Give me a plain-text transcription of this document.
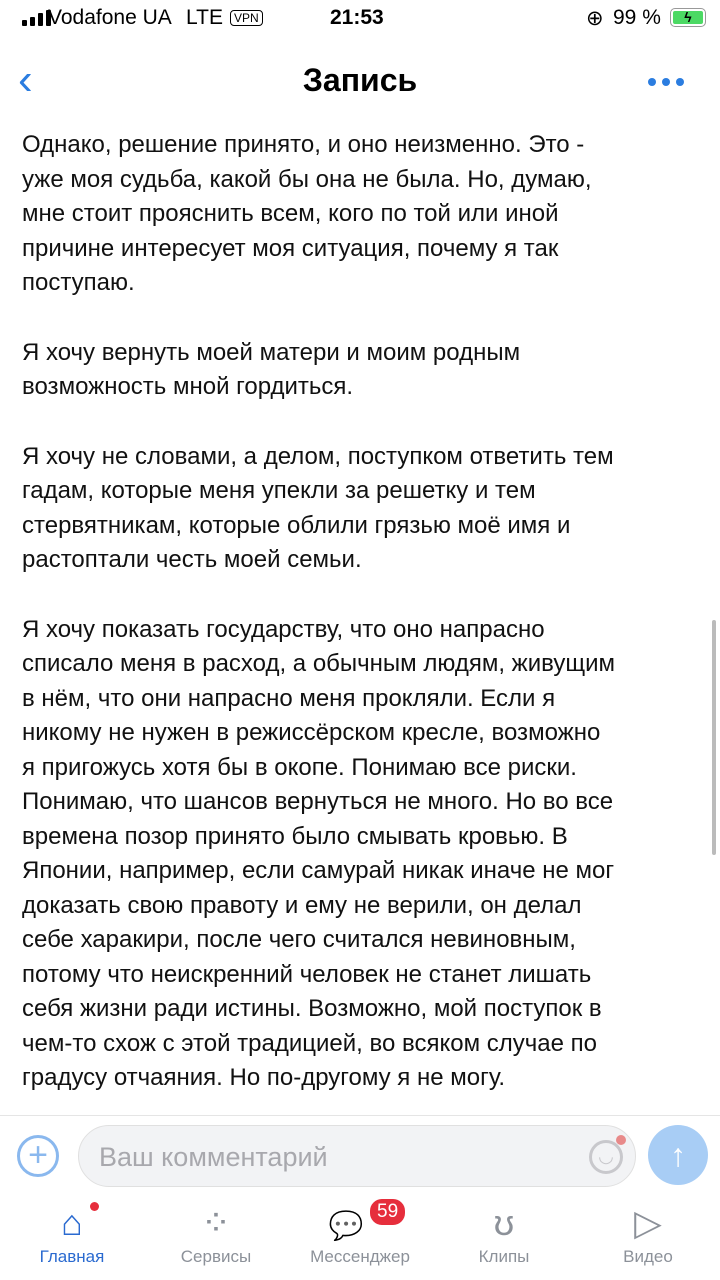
Vodafone UA LTE VPN	21:53	⊕ 99 %	ϟ
‹	Запись
Однако, решение принято, и оно неизменно. Это -
уже моя судьба, какой бы она не была. Но, думаю,
мне стоит прояснить всем, кого по той или иной
причине интересует моя ситуация, почему я так
поступаю.
Я хочу вернуть моей матери и моим родным
возможность мной гордиться.
Я хочу не словами, а делом, поступком ответить тем
гадам, которые меня упекли за решетку и тем
стервятникам, которые облили грязью моё имя и
растоптали честь моей семьи.
Я хочу показать государству, что оно напрасно
списало меня в расход, а обычным людям, живущим
в нём, что они напрасно меня прокляли. Если я
никому не нужен в режиссёрском кресле, возможно
я пригожусь хотя бы в окопе. Понимаю все риски.
Понимаю, что шансов вернуться не много. Но во все
времена позор принято было смывать кровью. В
Японии, например, если самурай никак иначе не мог
доказать свою правоту и ему не верили, он делал
себе харакири, после чего считался невиновным,
потому что неискренний человек не станет лишать
себя жизни ради истины. Возможно, мой поступок в
чем-то схож с этой традицией, во всяком случае по
градусу отчаяния. Но по-другому я не могу.
+	Ваш комментарий	◡	↑
⌂
Главная
⁘
Сервисы
💬 59
Мессенджер
ʊ
Клипы
▷
Видео
